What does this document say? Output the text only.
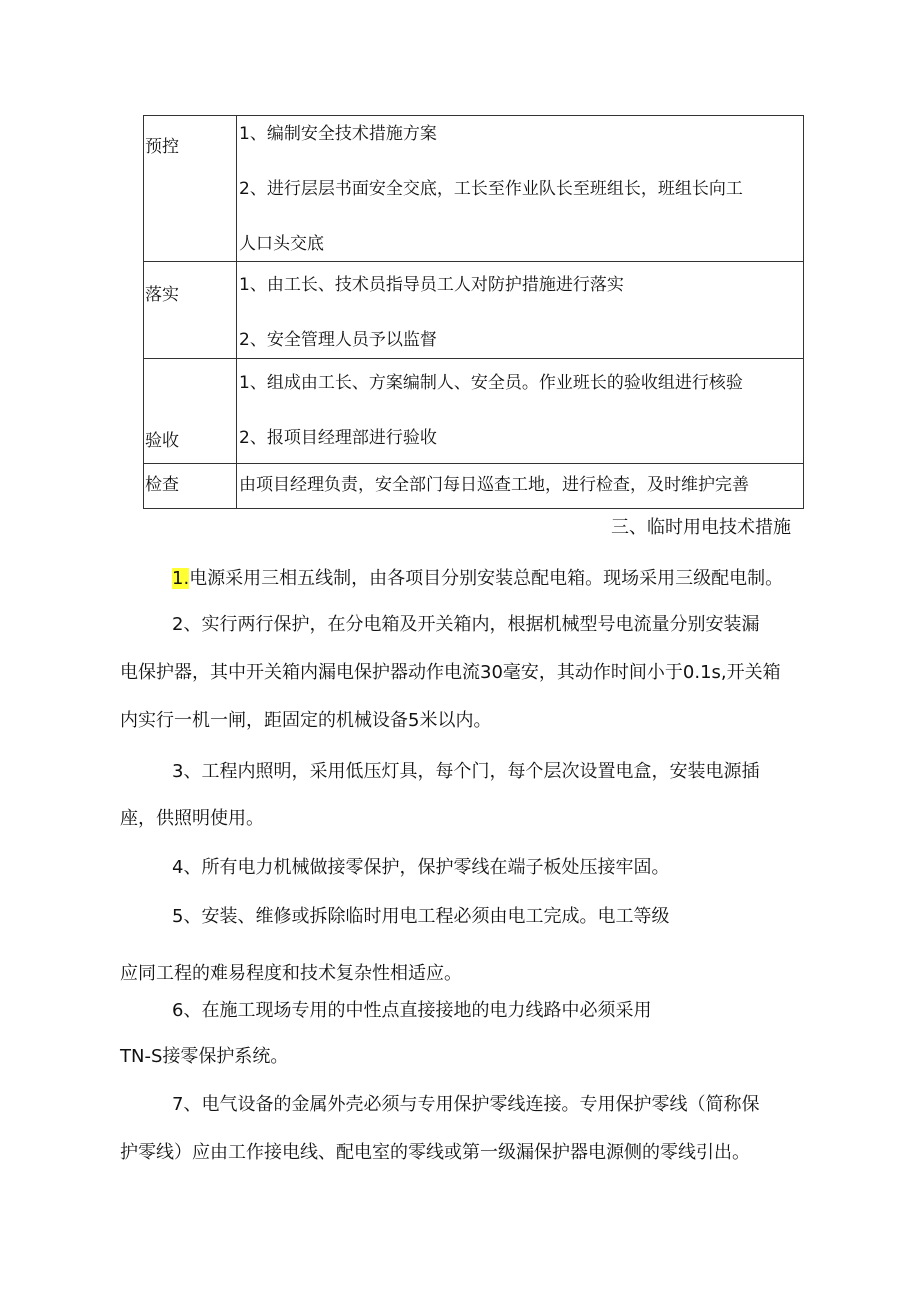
预控	1、编制安全技术措施方案
2、进行层层书面安全交底，工长至作业队长至班组长，班组长向工
人口头交底

落实	1、由工长、技术员指导员工人对防护措施进行落实
2、安全管理人员予以监督

验收	1、组成由工长、方案编制人、安全员。作业班长的验收组进行核验
2、报项目经理部进行验收

检查	由项目经理负责，安全部门每日巡查工地，进行检查，及时维护完善
三、临时用电技术措施
1.电源采用三相五线制，由各项目分别安装总配电箱。现场采用三级配电制。
2、实行两行保护，在分电箱及开关箱内，根据机械型号电流量分别安装漏
电保护器，其中开关箱内漏电保护器动作电流30毫安，其动作时间小于0.1s,开关箱
内实行一机一闸，距固定的机械设备5米以内。
3、工程内照明，采用低压灯具，每个门，每个层次设置电盒，安装电源插
座，供照明使用。
4、所有电力机械做接零保护，保护零线在端子板处压接牢固。
5、安装、维修或拆除临时用电工程必须由电工完成。电工等级
应同工程的难易程度和技术复杂性相适应。
6、在施工现场专用的中性点直接接地的电力线路中必须采用
TN-S接零保护系统。
7、电气设备的金属外壳必须与专用保护零线连接。专用保护零线（简称保
护零线）应由工作接电线、配电室的零线或第一级漏保护器电源侧的零线引出。
